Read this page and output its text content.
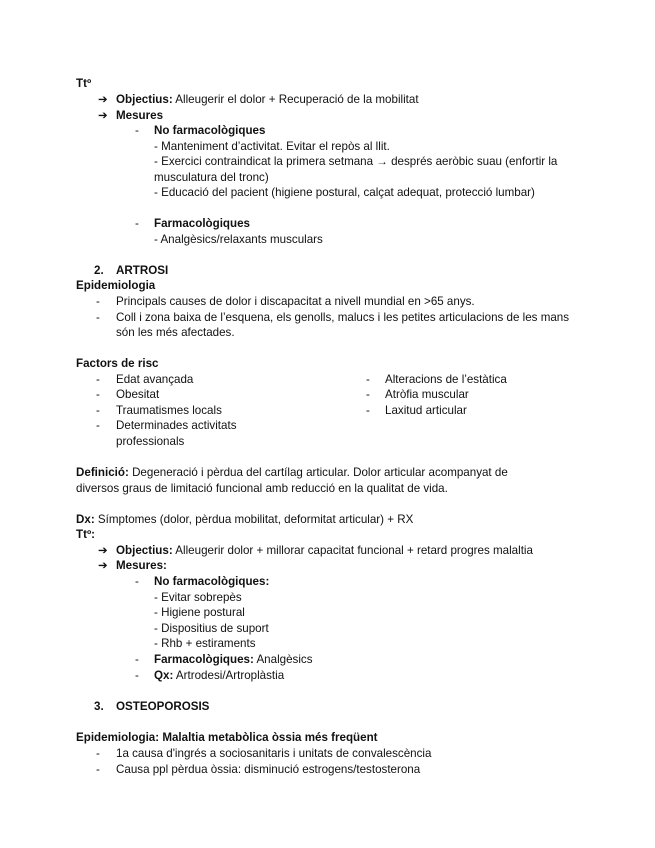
Ttº
➔ Objectius: Alleugerir el dolor + Recuperació de la mobilitat
➔ Mesures
- No farmacològiques
- Manteniment d’activitat. Evitar el repòs al llit.
- Exercici contraindicat la primera setmana → després aeròbic suau (enfortir la
musculatura del tronc)
- Educació del pacient (higiene postural, calçat adequat, protecció lumbar)
- Farmacològiques
- Analgèsics/relaxants musculars
2. ARTROSI
Epidemiologia
- Principals causes de dolor i discapacitat a nivell mundial en >65 anys.
- Coll i zona baixa de l’esquena, els genolls, malucs i les petites articulacions de les mans
són les més afectades.
Factors de risc
- Edat avançada
- Obesitat
- Traumatismes locals
- Determinades activitats
professionals
- Alteracions de l’estàtica
- Atròfia muscular
- Laxitud articular
Definició: Degeneració i pèrdua del cartílag articular. Dolor articular acompanyat de
diversos graus de limitació funcional amb reducció en la qualitat de vida.
Dx: Símptomes (dolor, pèrdua mobilitat, deformitat articular) + RX
Ttº:
➔ Objectius: Alleugerir dolor + millorar capacitat funcional + retard progres malaltia
➔ Mesures:
- No farmacològiques:
- Evitar sobrepès
- Higiene postural
- Dispositius de suport
- Rhb + estiraments
- Farmacològiques: Analgèsics
- Qx: Artrodesi/Artroplàstia
3. OSTEOPOROSIS
Epidemiologia: Malaltia metabòlica òssia més freqüent
- 1a causa d'ingrés a sociosanitaris i unitats de convalescència
- Causa ppl pèrdua òssia: disminució estrogens/testosterona
